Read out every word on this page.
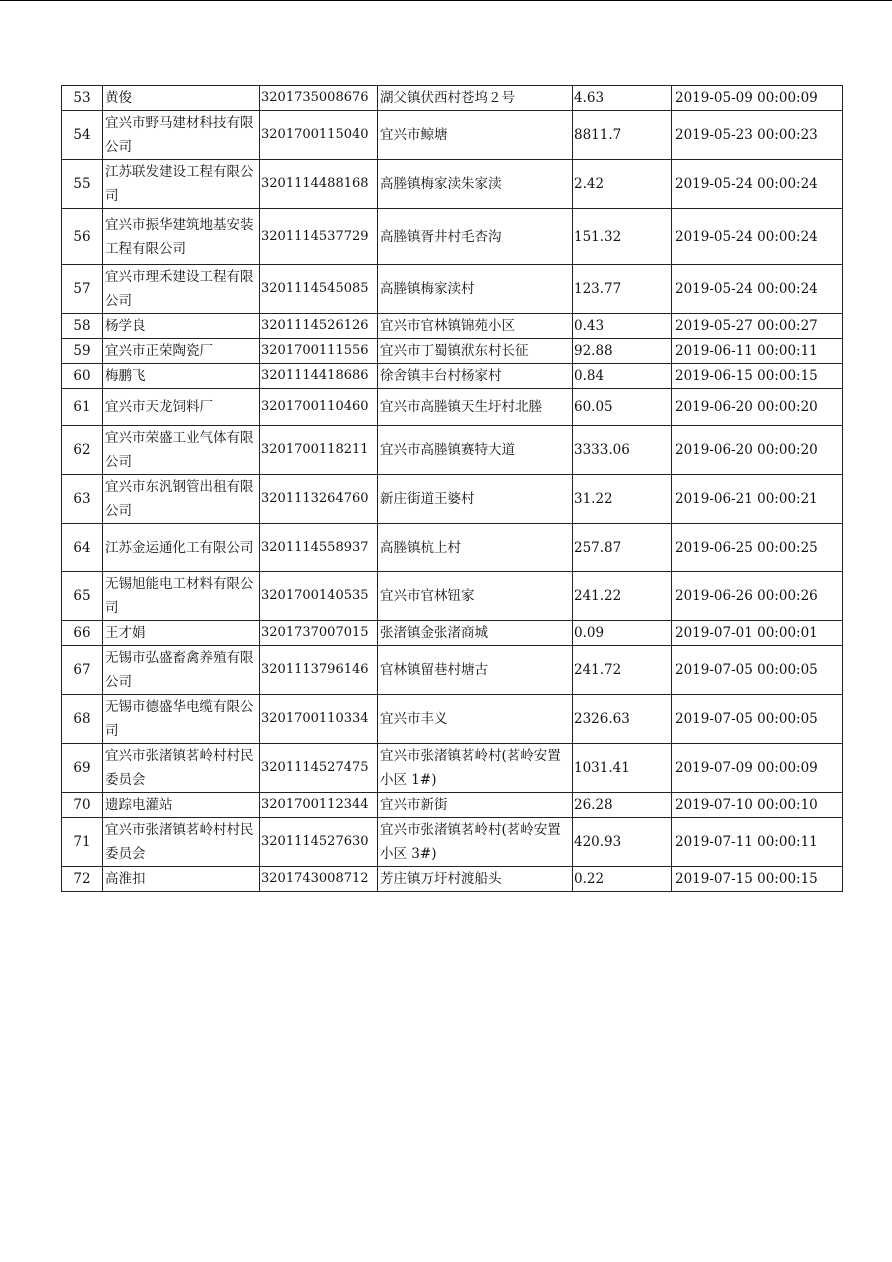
53	黄俊	3201735008676	湖父镇伏西村苍坞２号	4.63	2019-05-09 00:00:09
54	宜兴市野马建材科技有限公司	3201700115040	宜兴市鲸塘	8811.7	2019-05-23 00:00:23
55	江苏联发建设工程有限公司	3201114488168	高塍镇梅家渎朱家渎	2.42	2019-05-24 00:00:24
56	宜兴市振华建筑地基安装工程有限公司	3201114537729	高塍镇胥井村毛杏沟	151.32	2019-05-24 00:00:24
57	宜兴市理禾建设工程有限公司	3201114545085	高塍镇梅家渎村	123.77	2019-05-24 00:00:24
58	杨学良	3201114526126	宜兴市官林镇锦苑小区	0.43	2019-05-27 00:00:27
59	宜兴市正荣陶瓷厂	3201700111556	宜兴市丁蜀镇洑东村长征	92.88	2019-06-11 00:00:11
60	梅鹏飞	3201114418686	徐舍镇丰台村杨家村	0.84	2019-06-15 00:00:15
61	宜兴市天龙饲料厂	3201700110460	宜兴市高塍镇天生圩村北塍	60.05	2019-06-20 00:00:20
62	宜兴市荣盛工业气体有限公司	3201700118211	宜兴市高塍镇赛特大道	3333.06	2019-06-20 00:00:20
63	宜兴市东汎钢管出租有限公司	3201113264760	新庄街道王婆村	31.22	2019-06-21 00:00:21
64	江苏金运通化工有限公司	3201114558937	高塍镇杭上村	257.87	2019-06-25 00:00:25
65	无锡旭能电工材料有限公司	3201700140535	宜兴市官林钮家	241.22	2019-06-26 00:00:26
66	王才娟	3201737007015	张渚镇金张渚商城	0.09	2019-07-01 00:00:01
67	无锡市弘盛畜禽养殖有限公司	3201113796146	官林镇留巷村塘古	241.72	2019-07-05 00:00:05
68	无锡市德盛华电缆有限公司	3201700110334	宜兴市丰义	2326.63	2019-07-05 00:00:05
69	宜兴市张渚镇茗岭村村民委员会	3201114527475	宜兴市张渚镇茗岭村(茗岭安置小区 1#)	1031.41	2019-07-09 00:00:09
70	遗踪电灌站	3201700112344	宜兴市新街	26.28	2019-07-10 00:00:10
71	宜兴市张渚镇茗岭村村民委员会	3201114527630	宜兴市张渚镇茗岭村(茗岭安置小区 3#)	420.93	2019-07-11 00:00:11
72	高淮扣	3201743008712	芳庄镇万圩村渡船头	0.22	2019-07-15 00:00:15
